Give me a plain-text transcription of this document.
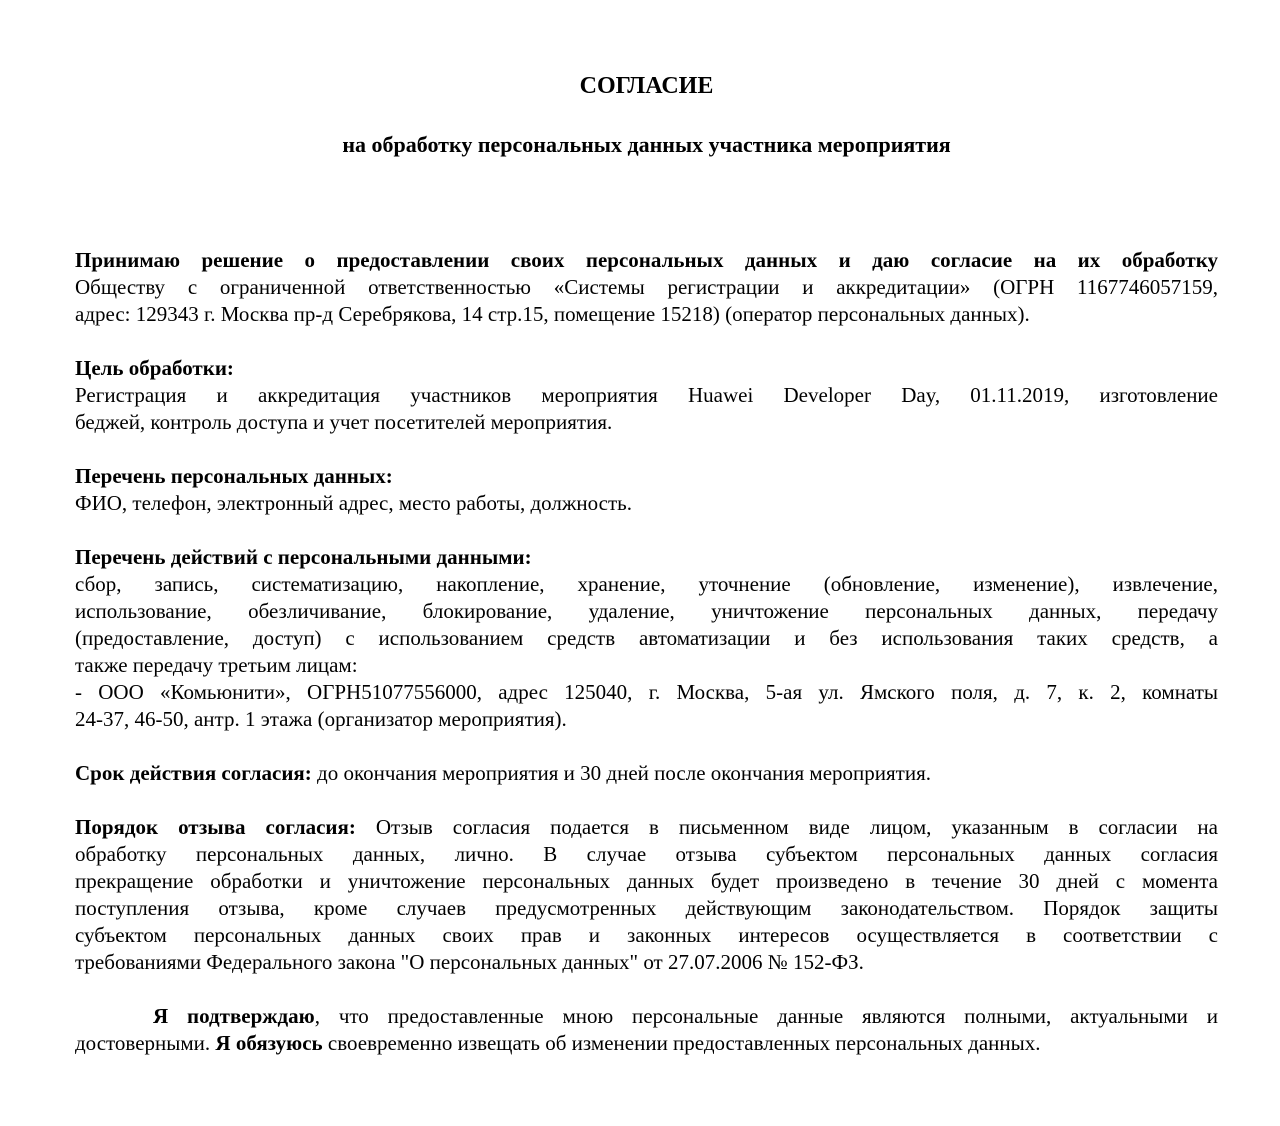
СОГЛАСИЕ
на обработку персональных данных участника мероприятия
Принимаю решение о предоставлении своих персональных данных и даю согласие на их обработку
Обществу с ограниченной ответственностью «Системы регистрации и аккредитации» (ОГРН 1167746057159,
адрес: 129343 г. Москва пр-д Серебрякова, 14 стр.15, помещение 15218) (оператор персональных данных).
Цель обработки:
Регистрация и аккредитация участников мероприятия Huawei Developer Day, 01.11.2019, изготовление
беджей, контроль доступа и учет посетителей мероприятия.
Перечень персональных данных:
ФИО, телефон, электронный адрес, место работы, должность.
Перечень действий с персональными данными:
сбор, запись, систематизацию, накопление, хранение, уточнение (обновление, изменение), извлечение,
использование, обезличивание, блокирование, удаление, уничтожение персональных данных, передачу
(предоставление, доступ) с использованием средств автоматизации и без использования таких средств, а
также передачу третьим лицам:
- ООО «Комьюнити», ОГРН51077556000, адрес 125040, г. Москва, 5-ая ул. Ямского поля, д. 7, к. 2, комнаты
24-37, 46-50, антр. 1 этажа (организатор мероприятия).
Срок действия согласия: до окончания мероприятия и 30 дней после окончания мероприятия.
Порядок отзыва согласия: Отзыв согласия подается в письменном виде лицом, указанным в согласии на
обработку персональных данных, лично. В случае отзыва субъектом персональных данных согласия
прекращение обработки и уничтожение персональных данных будет произведено в течение 30 дней с момента
поступления отзыва, кроме случаев предусмотренных действующим законодательством. Порядок защиты
субъектом персональных данных своих прав и законных интересов осуществляется в соответствии с
требованиями Федерального закона "О персональных данных" от 27.07.2006 № 152-ФЗ.
Я подтверждаю, что предоставленные мною персональные данные являются полными, актуальными и
достоверными. Я обязуюсь своевременно извещать об изменении предоставленных персональных данных.
